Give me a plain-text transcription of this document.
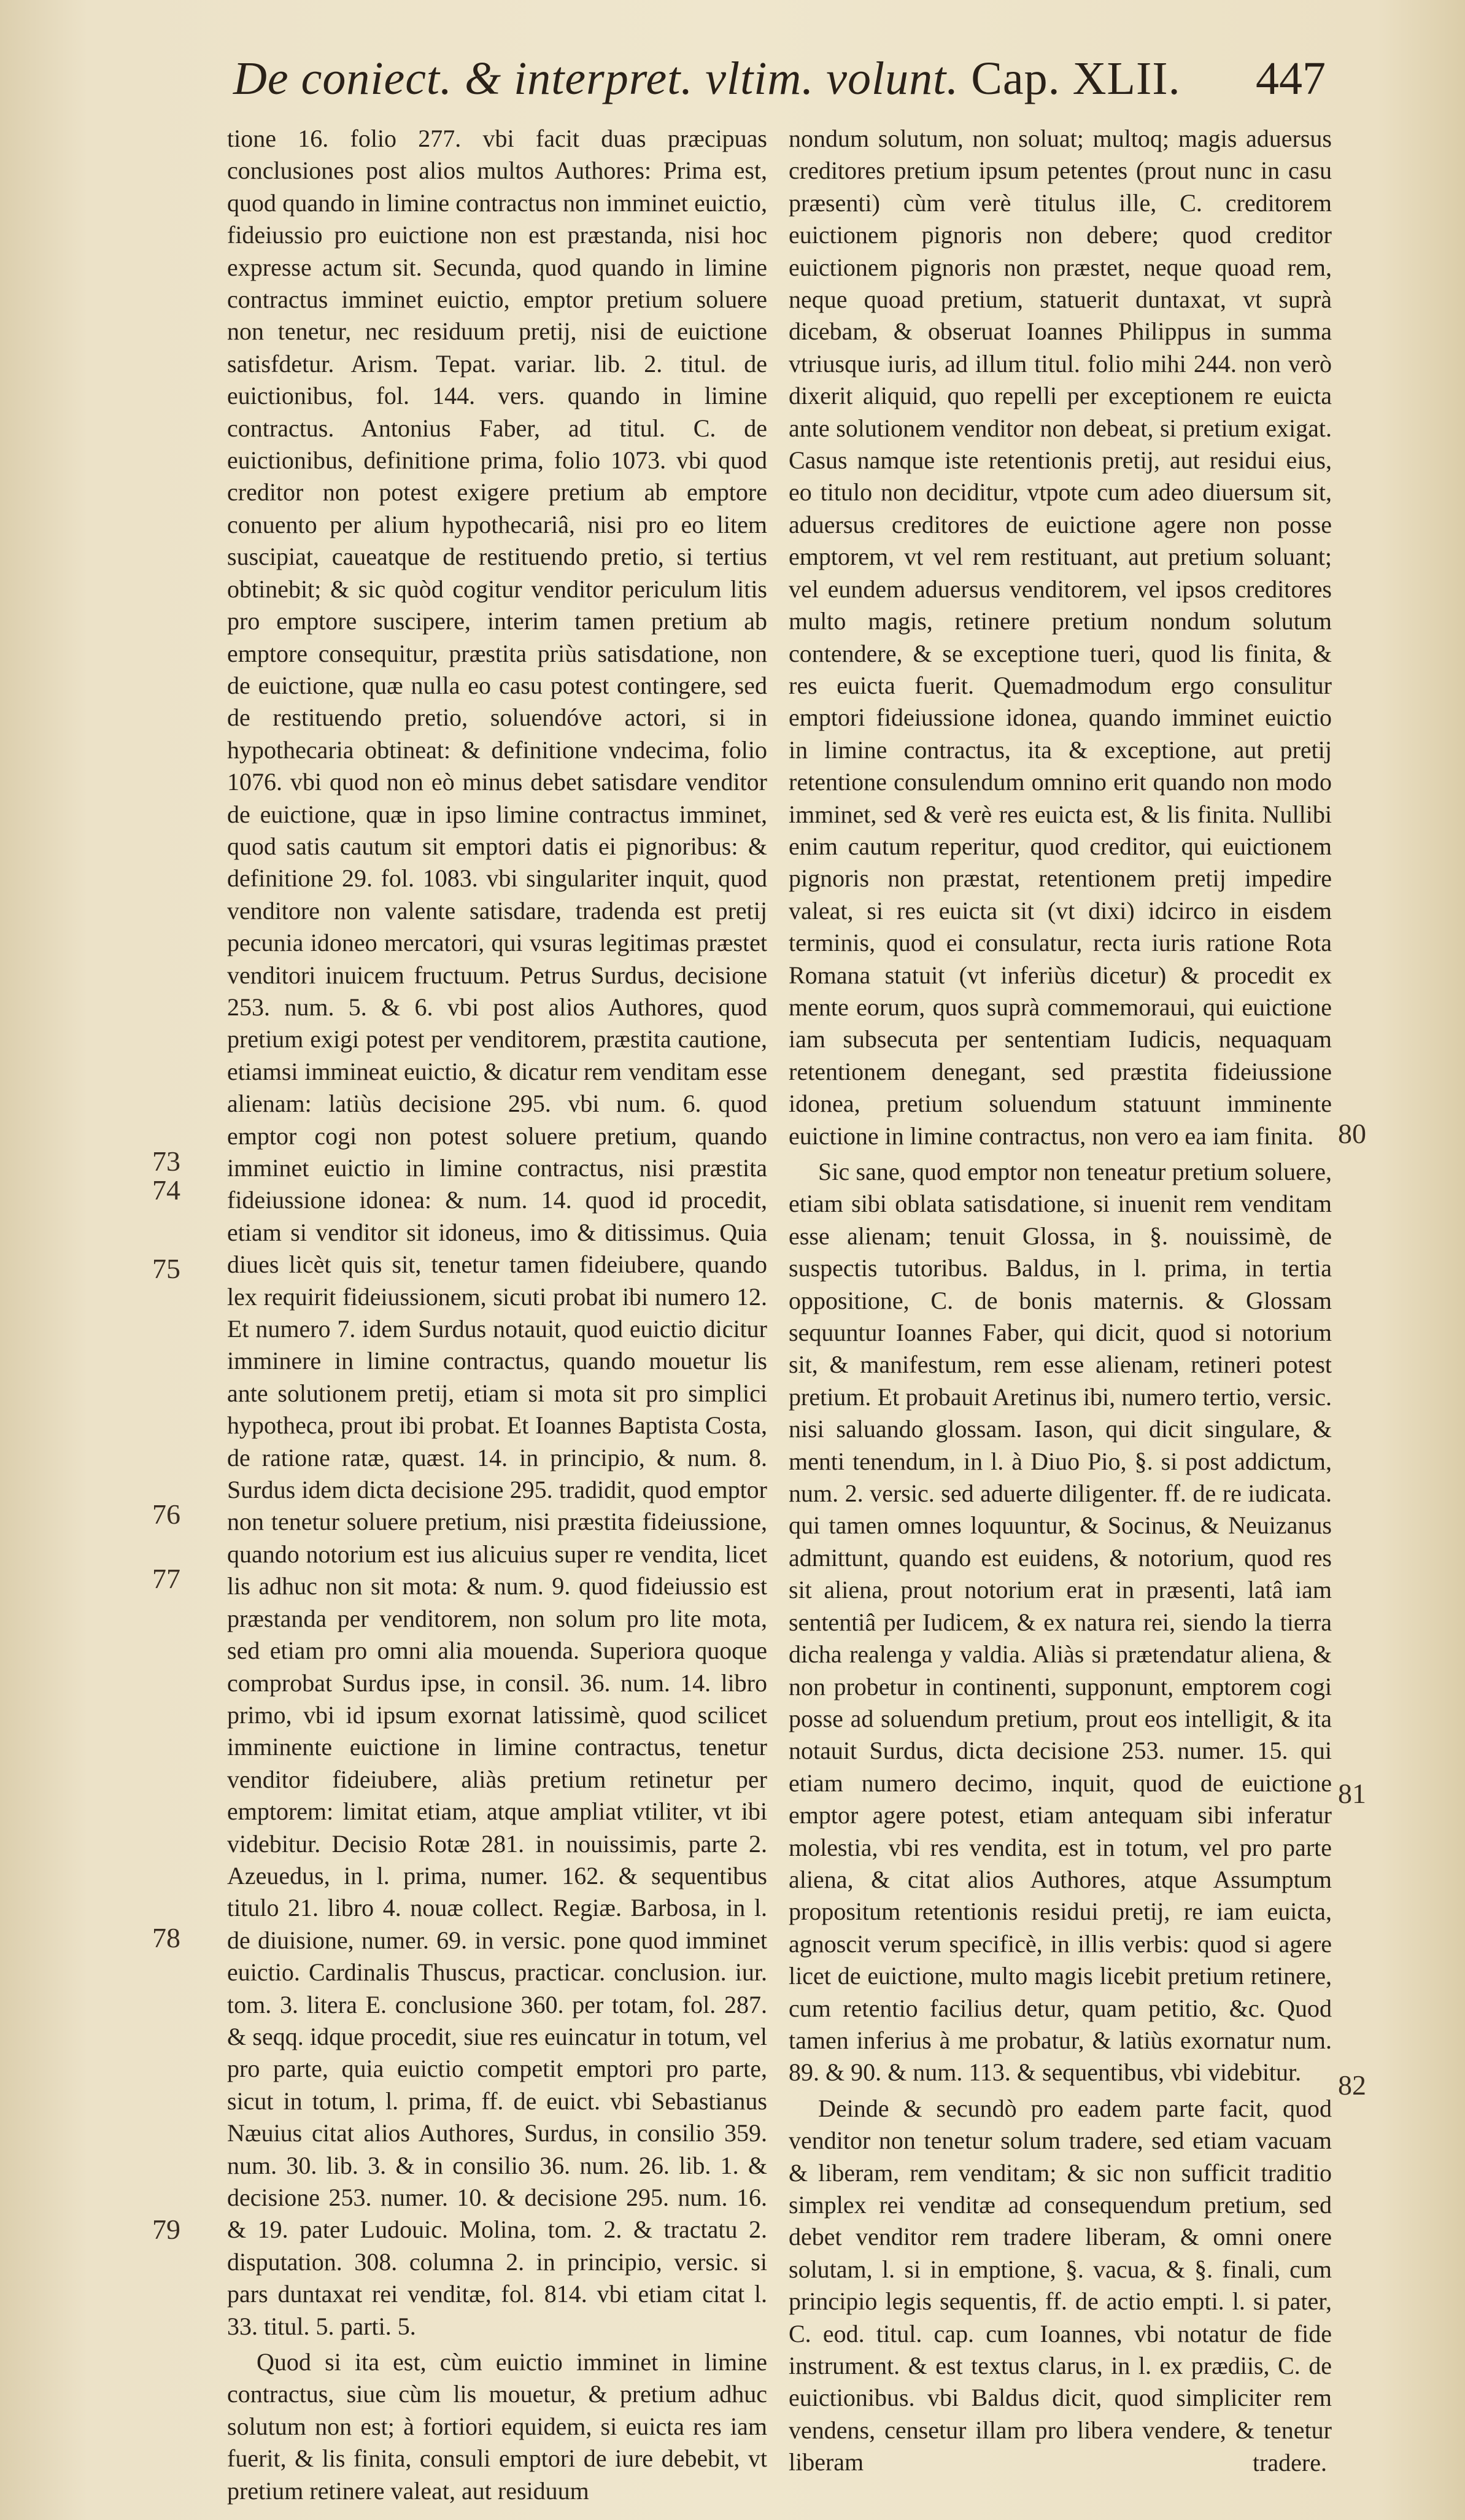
De coniect. & interpret. vltim. volunt. Cap. XLII. 447

tione 16. folio 277. vbi facit duas præcipuas conclusiones post alios multos Authores: Prima est, quod quando in limine contractus non imminet euictio, fideiussio pro euictione non est præstanda, nisi hoc expresse actum sit. Secunda, quod quando in limine contractus imminet euictio, emptor pretium soluere non tenetur, nec residuum pretij, nisi de euictione satisfdetur. Arism. Tepat. variar. lib. 2. titul. de euictionibus, fol. 144. vers. quando in limine contractus. Antonius Faber, ad titul. C. de euictionibus, definitione prima, folio 1073. vbi quod creditor non potest exigere pretium ab emptore conuento per alium hypothecariâ, nisi pro eo litem suscipiat, caueatque de restituendo pretio, si tertius obtinebit; & sic quòd cogitur venditor periculum litis pro emptore suscipere, interim tamen pretium ab emptore consequitur, præstita priùs satisdatione, non de euictione, quæ nulla eo casu potest contingere, sed de restituendo pretio, soluendóve actori, si in hypothecaria obtineat: & definitione vndecima, folio 1076. vbi quod non eò minus debet satisdare venditor de euictione, quæ in ipso limine contractus imminet, quod satis cautum sit emptori datis ei pignoribus: & definitione 29. fol. 1083. vbi singulariter inquit, quod venditore non valente satisdare, tradenda est pretij pecunia idoneo mercatori, qui vsuras legitimas præstet venditori inuicem fructuum. Petrus Surdus, decisione 253. num. 5. & 6. vbi post alios Authores, quod pretium exigi potest per venditorem, præstita cautione, etiamsi immineat euictio, & dicatur rem venditam esse alienam: latiùs decisione 295. vbi num. 6. quod emptor cogi non potest soluere pretium, quando imminet euictio in limine contractus, nisi præstita fideiussione idonea: & num. 14. quod id procedit, etiam si venditor sit idoneus, imo & ditissimus. Quia diues licèt quis sit, tenetur tamen fideiubere, quando lex requirit fideiussionem, sicuti probat ibi numero 12. Et numero 7. idem Surdus notauit, quod euictio dicitur imminere in limine contractus, quando mouetur lis ante solutionem pretij, etiam si mota sit pro simplici hypotheca, prout ibi probat. Et Ioannes Baptista Costa, de ratione ratæ, quæst. 14. in principio, & num. 8. Surdus idem dicta decisione 295. tradidit, quod emptor non tenetur soluere pretium, nisi præstita fideiussione, quando notorium est ius alicuius super re vendita, licet lis adhuc non sit mota: & num. 9. quod fideiussio est præstanda per venditorem, non solum pro lite mota, sed etiam pro omni alia mouenda. Superiora quoque comprobat Surdus ipse, in consil. 36. num. 14. libro primo, vbi id ipsum exornat latissimè, quod scilicet imminente euictione in limine contractus, tenetur venditor fideiubere, aliàs pretium retinetur per emptorem: limitat etiam, atque ampliat vtiliter, vt ibi videbitur. Decisio Rotæ 281. in nouissimis, parte 2. Azeuedus, in l. prima, numer. 162. & sequentibus titulo 21. libro 4. nouæ collect. Regiæ. Barbosa, in l. de diuisione, numer. 69. in versic. pone quod imminet euictio. Cardinalis Thuscus, practicar. conclusion. iur. tom. 3. litera E. conclusione 360. per totam, fol. 287. & seqq. idque procedit, siue res euincatur in totum, vel pro parte, quia euictio competit emptori pro parte, sicut in totum, l. prima, ff. de euict. vbi Sebastianus Næuius citat alios Authores, Surdus, in consilio 359. num. 30. lib. 3. & in consilio 36. num. 26. lib. 1. & decisione 253. numer. 10. & decisione 295. num. 16. & 19. pater Ludouic. Molina, tom. 2. & tractatu 2. disputation. 308. columna 2. in principio, versic. si pars duntaxat rei venditæ, fol. 814. vbi etiam citat l. 33. titul. 5. parti. 5.

Quod si ita est, cùm euictio imminet in limine contractus, siue cùm lis mouetur, & pretium adhuc solutum non est; à fortiori equidem, si euicta res iam fuerit, & lis finita, consuli emptori de iure debebit, vt pretium retinere valeat, aut residuum

nondum solutum, non soluat; multoq; magis aduersus creditores pretium ipsum petentes (prout nunc in casu præsenti) cùm verè titulus ille, C. creditorem euictionem pignoris non debere; quod creditor euictionem pignoris non præstet, neque quoad rem, neque quoad pretium, statuerit duntaxat, vt suprà dicebam, & obseruat Ioannes Philippus in summa vtriusque iuris, ad illum titul. folio mihi 244. non verò dixerit aliquid, quo repelli per exceptionem re euicta ante solutionem venditor non debeat, si pretium exigat. Casus namque iste retentionis pretij, aut residui eius, eo titulo non deciditur, vtpote cum adeo diuersum sit, aduersus creditores de euictione agere non posse emptorem, vt vel rem restituant, aut pretium soluant; vel eundem aduersus venditorem, vel ipsos creditores multo magis, retinere pretium nondum solutum contendere, & se exceptione tueri, quod lis finita, & res euicta fuerit. Quemadmodum ergo consulitur emptori fideiussione idonea, quando imminet euictio in limine contractus, ita & exceptione, aut pretij retentione consulendum omnino erit quando non modo imminet, sed & verè res euicta est, & lis finita. Nullibi enim cautum reperitur, quod creditor, qui euictionem pignoris non præstat, retentionem pretij impedire valeat, si res euicta sit (vt dixi) idcirco in eisdem terminis, quod ei consulatur, recta iuris ratione Rota Romana statuit (vt inferiùs dicetur) & procedit ex mente eorum, quos suprà commemoraui, qui euictione iam subsecuta per sententiam Iudicis, nequaquam retentionem denegant, sed præstita fideiussione idonea, pretium soluendum statuunt imminente euictione in limine contractus, non vero ea iam finita.

Sic sane, quod emptor non teneatur pretium soluere, etiam sibi oblata satisdatione, si inuenit rem venditam esse alienam; tenuit Glossa, in §. nouissimè, de suspectis tutoribus. Baldus, in l. prima, in tertia oppositione, C. de bonis maternis. & Glossam sequuntur Ioannes Faber, qui dicit, quod si notorium sit, & manifestum, rem esse alienam, retineri potest pretium. Et probauit Aretinus ibi, numero tertio, versic. nisi saluando glossam. Iason, qui dicit singulare, & menti tenendum, in l. à Diuo Pio, §. si post addictum, num. 2. versic. sed aduerte diligenter. ff. de re iudicata. qui tamen omnes loquuntur, & Socinus, & Neuizanus admittunt, quando est euidens, & notorium, quod res sit aliena, prout notorium erat in præsenti, latâ iam sententiâ per Iudicem, & ex natura rei, siendo la tierra dicha realenga y valdia. Aliàs si prætendatur aliena, & non probetur in continenti, supponunt, emptorem cogi posse ad soluendum pretium, prout eos intelligit, & ita notauit Surdus, dicta decisione 253. numer. 15. qui etiam numero decimo, inquit, quod de euictione emptor agere potest, etiam antequam sibi inferatur molestia, vbi res vendita, est in totum, vel pro parte aliena, & citat alios Authores, atque Assumptum propositum retentionis residui pretij, re iam euicta, agnoscit verum specificè, in illis verbis: quod si agere licet de euictione, multo magis licebit pretium retinere, cum retentio facilius detur, quam petitio, &c. Quod tamen inferius à me probatur, & latiùs exornatur num. 89. & 90. & num. 113. & sequentibus, vbi videbitur.

Deinde & secundò pro eadem parte facit, quod venditor non tenetur solum tradere, sed etiam vacuam & liberam, rem venditam; & sic non sufficit traditio simplex rei venditæ ad consequendum pretium, sed debet venditor rem tradere liberam, & omni onere solutam, l. si in emptione, §. vacua, & §. finali, cum principio legis sequentis, ff. de actio empti. l. si pater, C. eod. titul. cap. cum Ioannes, vbi notatur de fide instrument. & est textus clarus, in l. ex prædiis, C. de euictionibus. vbi Baldus dicit, quod simpliciter rem vendens, censetur illam pro libera vendere, & tenetur liberam

73
74
75
76
77
78
79
80
81
82
tradere.
